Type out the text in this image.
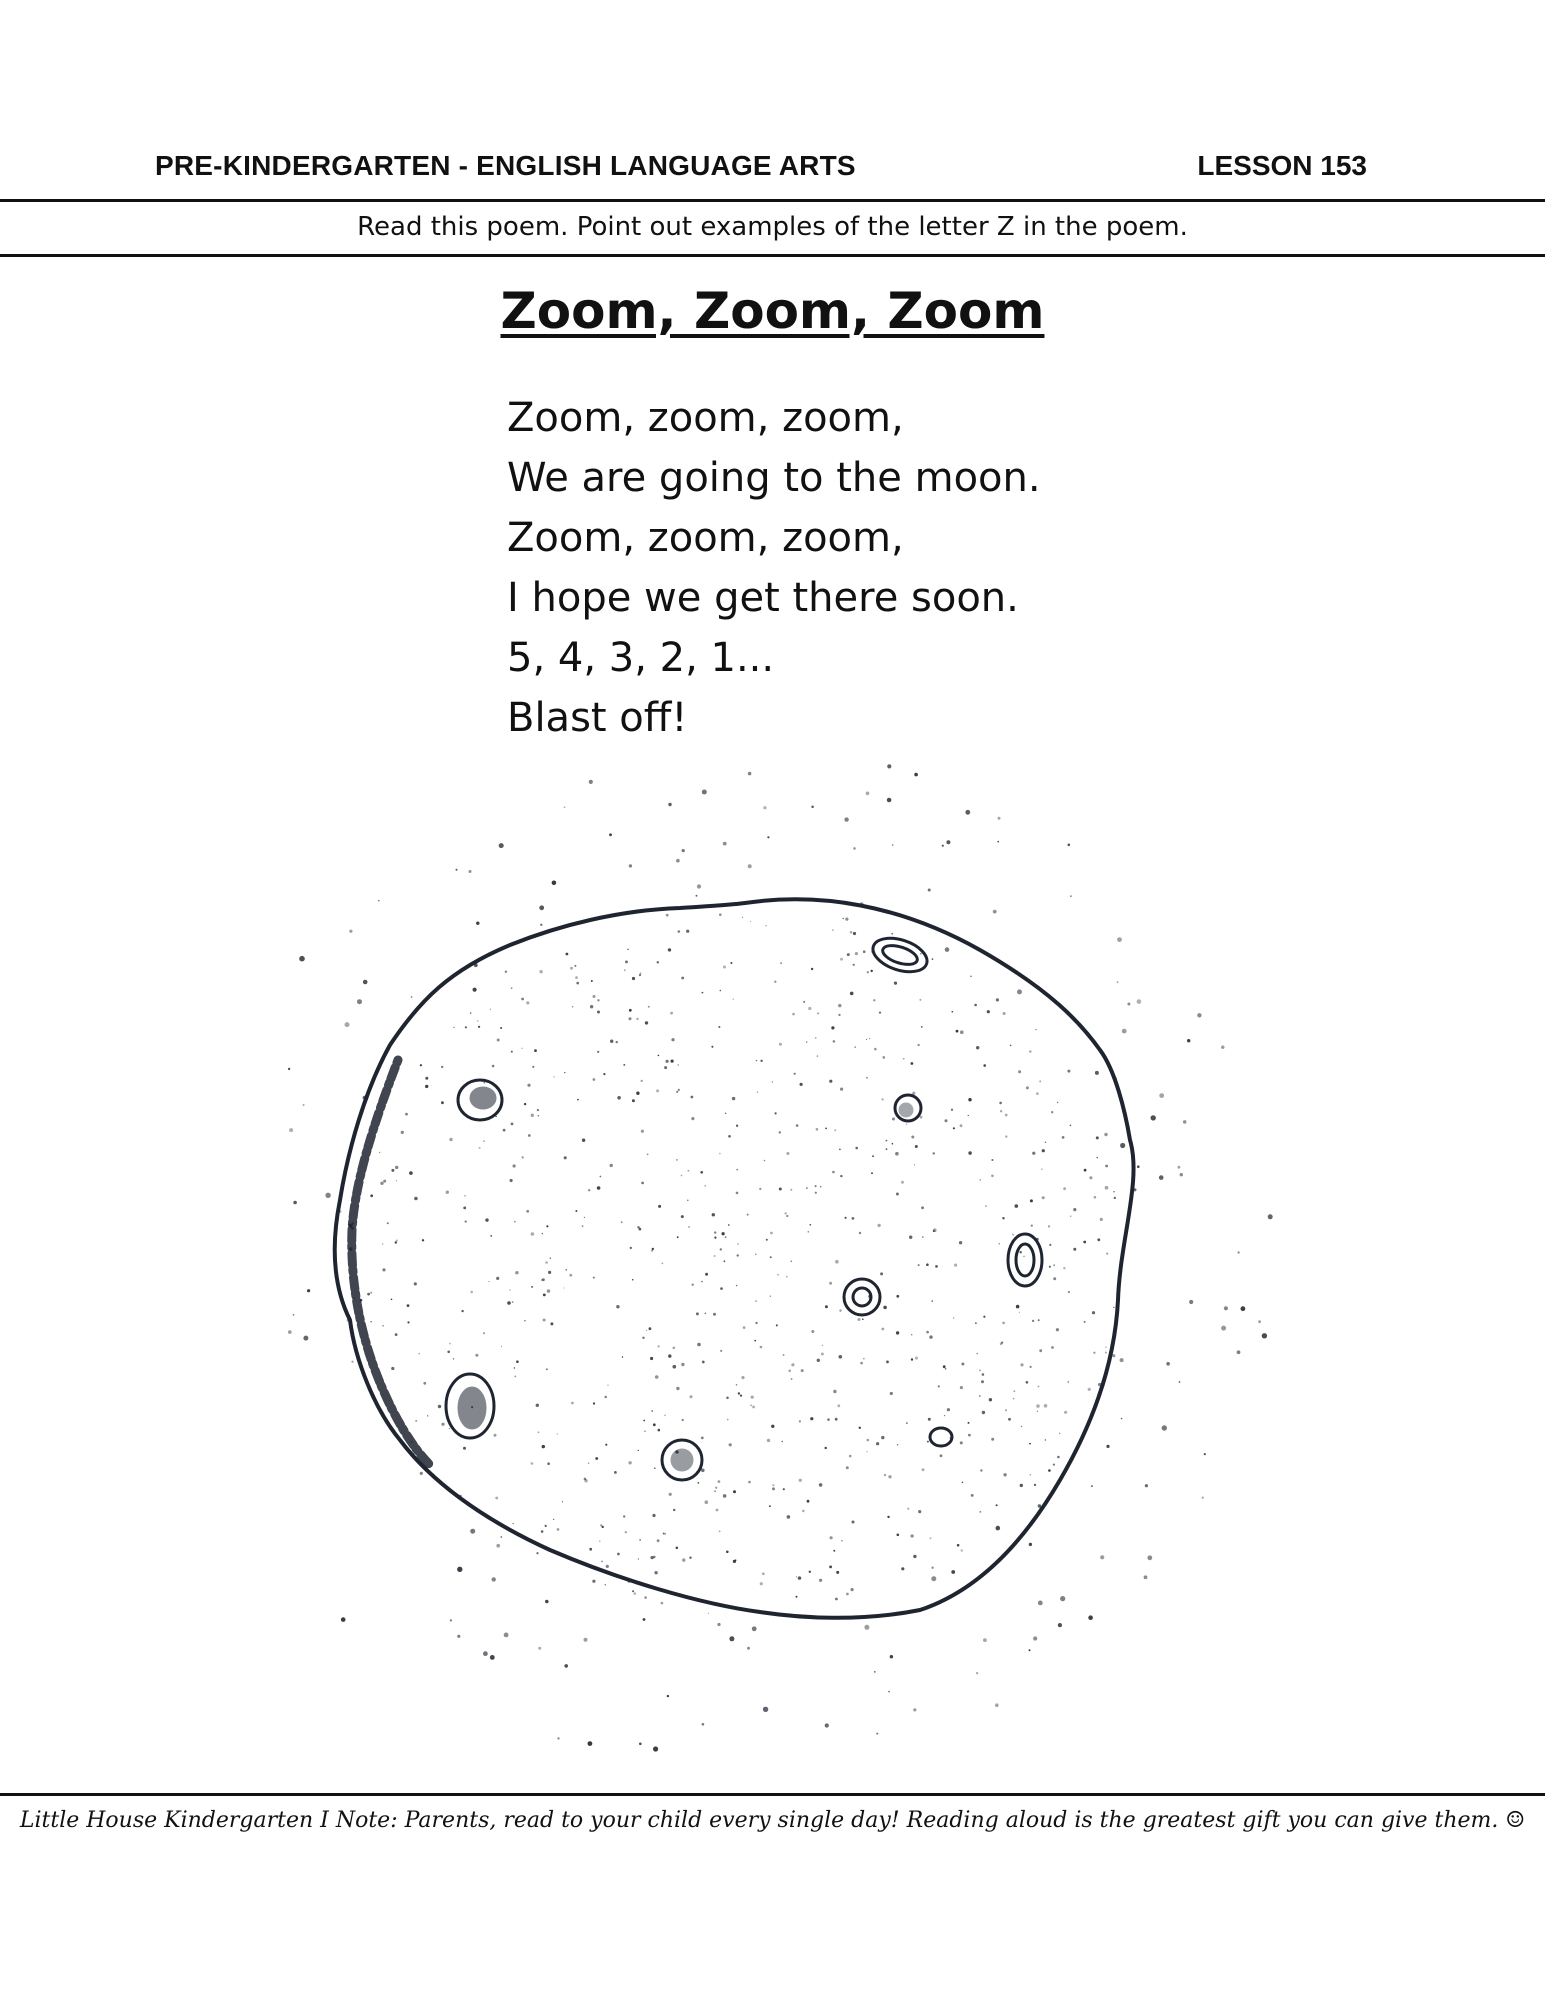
PRE-KINDERGARTEN - ENGLISH LANGUAGE ARTS	LESSON 153
Read this poem. Point out examples of the letter Z in the poem.
Zoom, Zoom, Zoom
Zoom, zoom, zoom,
We are going to the moon.
Zoom, zoom, zoom,
I hope we get there soon.
5, 4, 3, 2, 1...
Blast off!
Little House Kindergarten I Note: Parents, read to your child every single day! Reading aloud is the greatest gift you can give them. ☺
